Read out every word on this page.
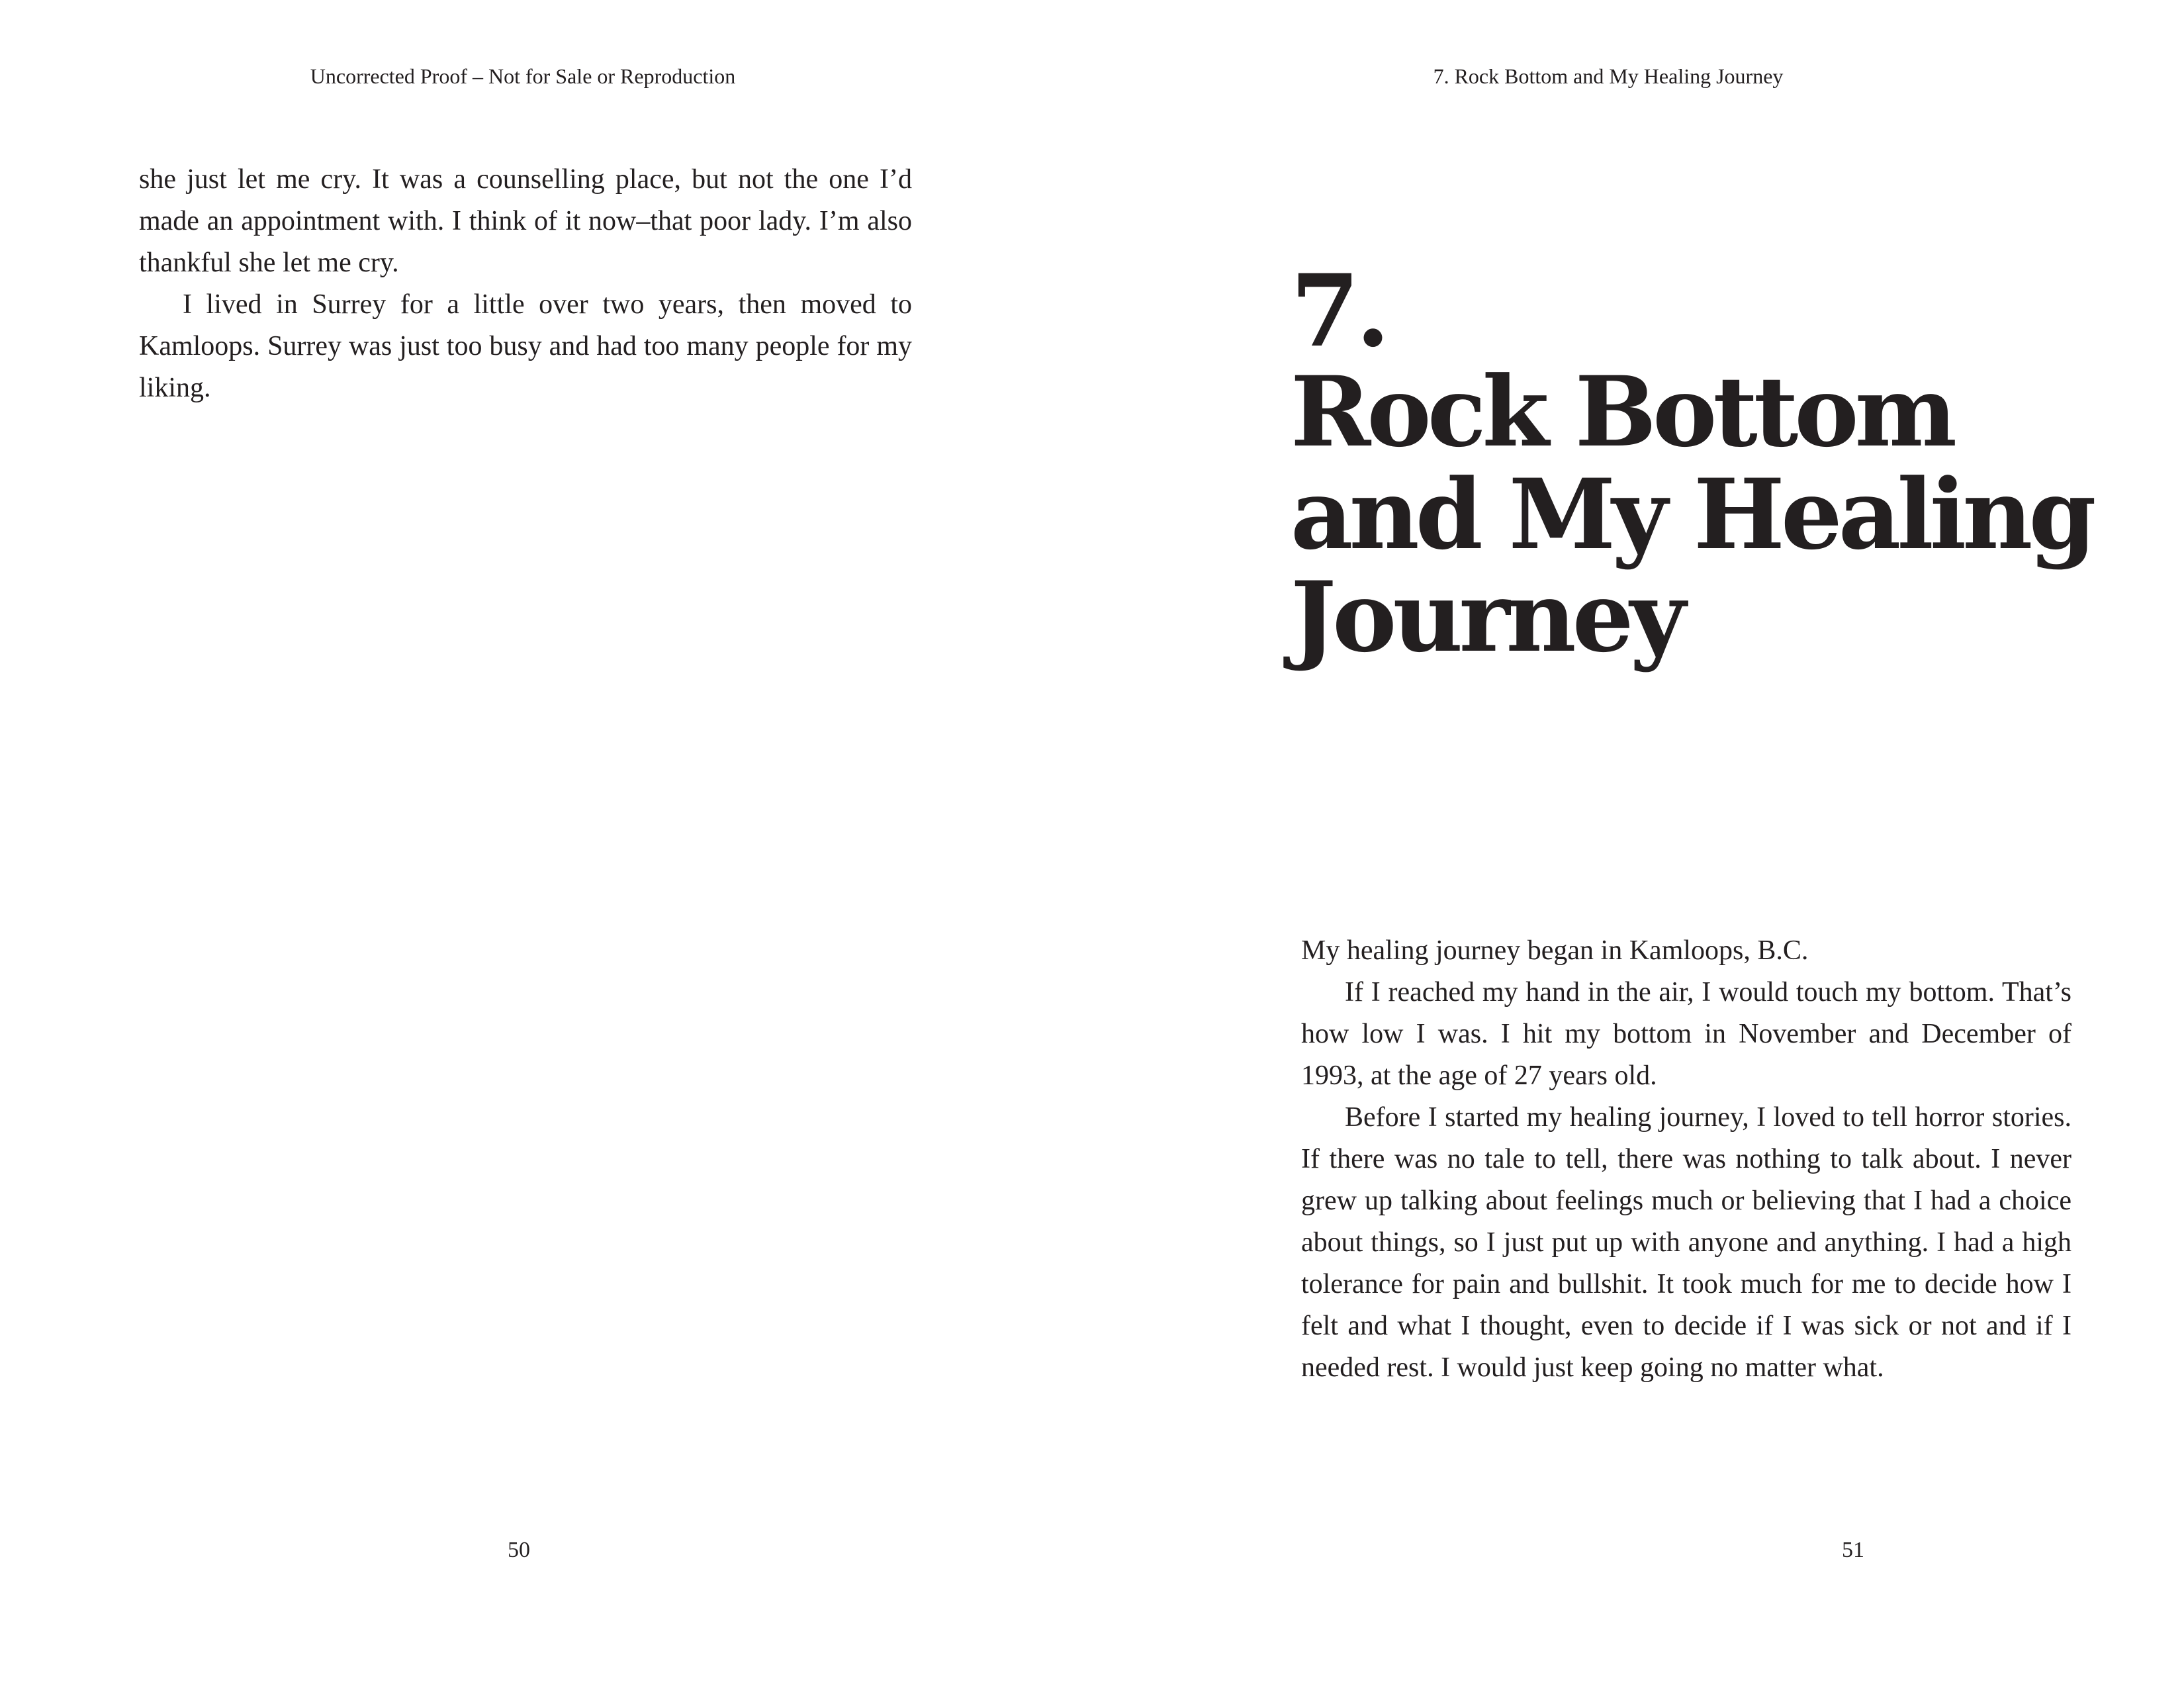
Uncorrected Proof – Not for Sale or Reproduction

she just let me cry. It was a counselling place, but not the one I’d made an appointment with. I think of it now–that poor lady. I’m also thankful she let me cry.

I lived in Surrey for a little over two years, then moved to Kamloops. Surrey was just too busy and had too many people for my liking.

50
7. Rock Bottom and My Healing Journey
7.
Rock Bottom
and My Healing
Journey

My healing journey began in Kamloops, B.C.

If I reached my hand in the air, I would touch my bottom. That’s how low I was. I hit my bottom in November and December of 1993, at the age of 27 years old.

Before I started my healing journey, I loved to tell horror stories. If there was no tale to tell, there was nothing to talk about. I never grew up talking about feelings much or believing that I had a choice about things, so I just put up with anyone and anything. I had a high tolerance for pain and bullshit. It took much for me to decide how I felt and what I thought, even to decide if I was sick or not and if I needed rest. I would just keep going no matter what.

51
